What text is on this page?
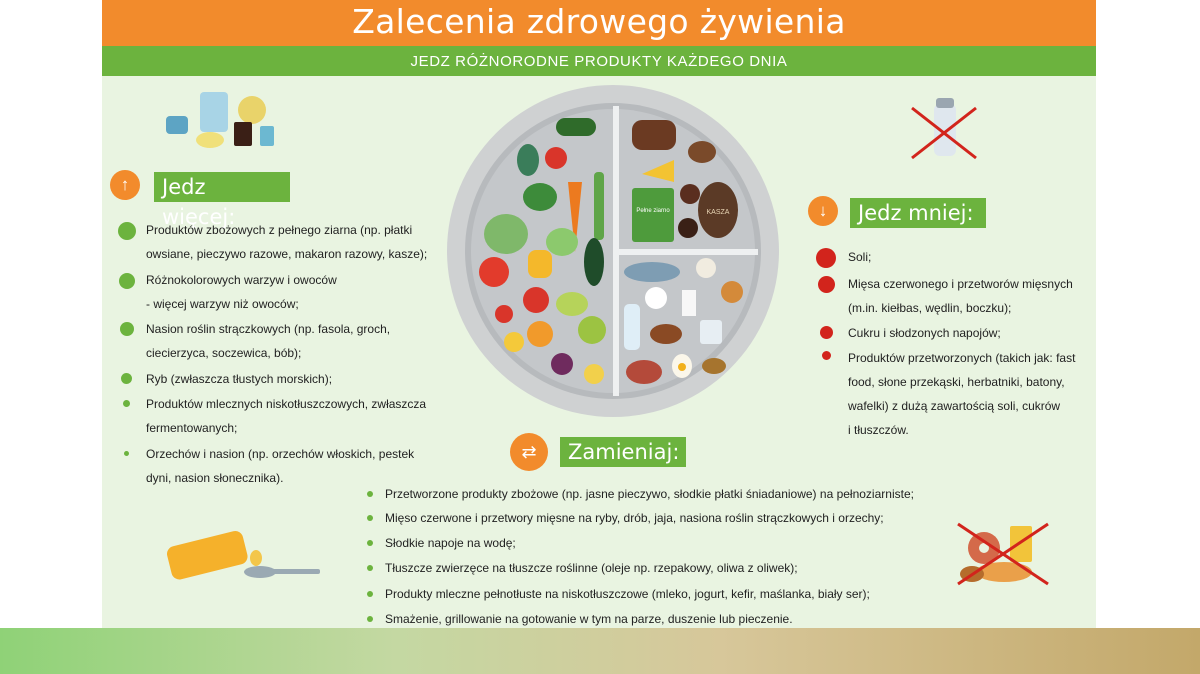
Zalecenia zdrowego żywienia
JEDZ RÓŻNORODNE PRODUKTY KAŻDEGO DNIA
↑	Jedz więcej:
Produktów zbożowych z pełnego ziarna (np. płatki
owsiane, pieczywo razowe, makaron razowy, kasze);
Różnokolorowych warzyw i owoców
- więcej warzyw niż owoców;
Nasion roślin strączkowych (np. fasola, groch,
ciecierzyca, soczewica, bób);
Ryb (zwłaszcza tłustych morskich);
Produktów mlecznych niskotłuszczowych, zwłaszcza
fermentowanych;
Orzechów i nasion (np. orzechów włoskich, pestek
dyni, nasion słonecznika).
↓	Jedz mniej:
Soli;
Mięsa czerwonego i przetworów mięsnych
(m.in. kiełbas, wędlin, boczku);
Cukru i słodzonych napojów;
Produktów przetworzonych (takich jak: fast
food, słone przekąski, herbatniki, batony,
wafelki) z dużą zawartością soli, cukrów
i tłuszczów.
⇄	Zamieniaj:
Przetworzone produkty zbożowe (np. jasne pieczywo, słodkie płatki śniadaniowe) na pełnoziarniste;
Mięso czerwone i przetwory mięsne na ryby, drób, jaja, nasiona roślin strączkowych i orzechy;
Słodkie napoje na wodę;
Tłuszcze zwierzęce na tłuszcze roślinne (oleje np. rzepakowy, oliwa z oliwek);
Produkty mleczne pełnotłuste na niskotłuszczowe (mleko, jogurt, kefir, maślanka, biały ser);
Smażenie, grillowanie na gotowanie w tym na parze, duszenie lub pieczenie.
Pełne ziarno	KASZA
